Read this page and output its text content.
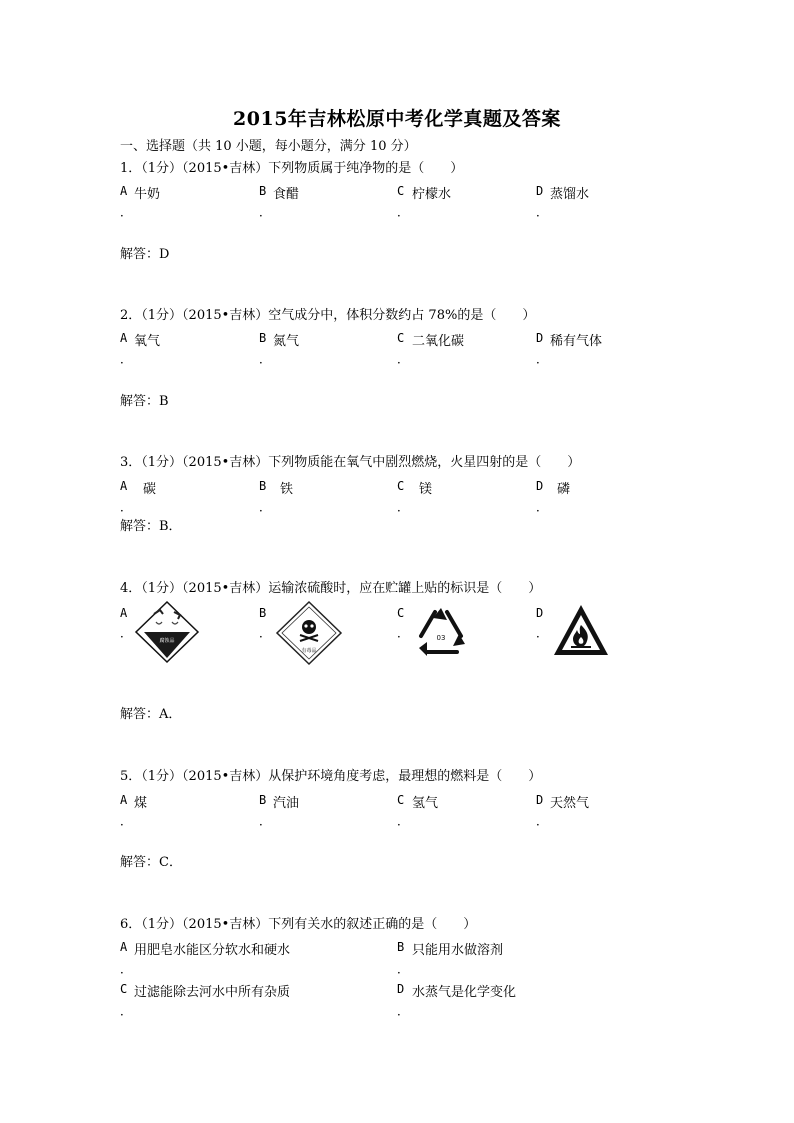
2015年吉林松原中考化学真题及答案
一、选择题（共 10 小题，每小题分，满分 10 分）
1．（1分）（2015•吉林）下列物质属于纯净物的是（　　）
A 牛奶
．
B 食醋
．
C 柠檬水
．
D 蒸馏水
．
解答：D
2．（1分）（2015•吉林）空气成分中，体积分数约占 78%的是（　　）
A 氧气
．
B 氮气
．
C 二氧化碳
．
D 稀有气体
．
解答：B
3．（1分）（2015•吉林）下列物质能在氧气中剧烈燃烧，火星四射的是（　　）
A 碳
．
B 铁
．
C 镁
．
D 磷
．
解答：B．
4．（1分）（2015•吉林）运输浓硫酸时，应在贮罐上贴的标识是（　　）
A
．
腐蚀品
B
．
有毒品
C
．	03
D
．
解答：A．
5．（1分）（2015•吉林）从保护环境角度考虑，最理想的燃料是（　　）
A 煤
．
B 汽油
．
C 氢气
．
D 天然气
．
解答：C．
6．（1分）（2015•吉林）下列有关水的叙述正确的是（　　）
A 用肥皂水能区分软水和硬水
．
B 只能用水做溶剂
．
C 过滤能除去河水中所有杂质
．
D 水蒸气是化学变化
．
